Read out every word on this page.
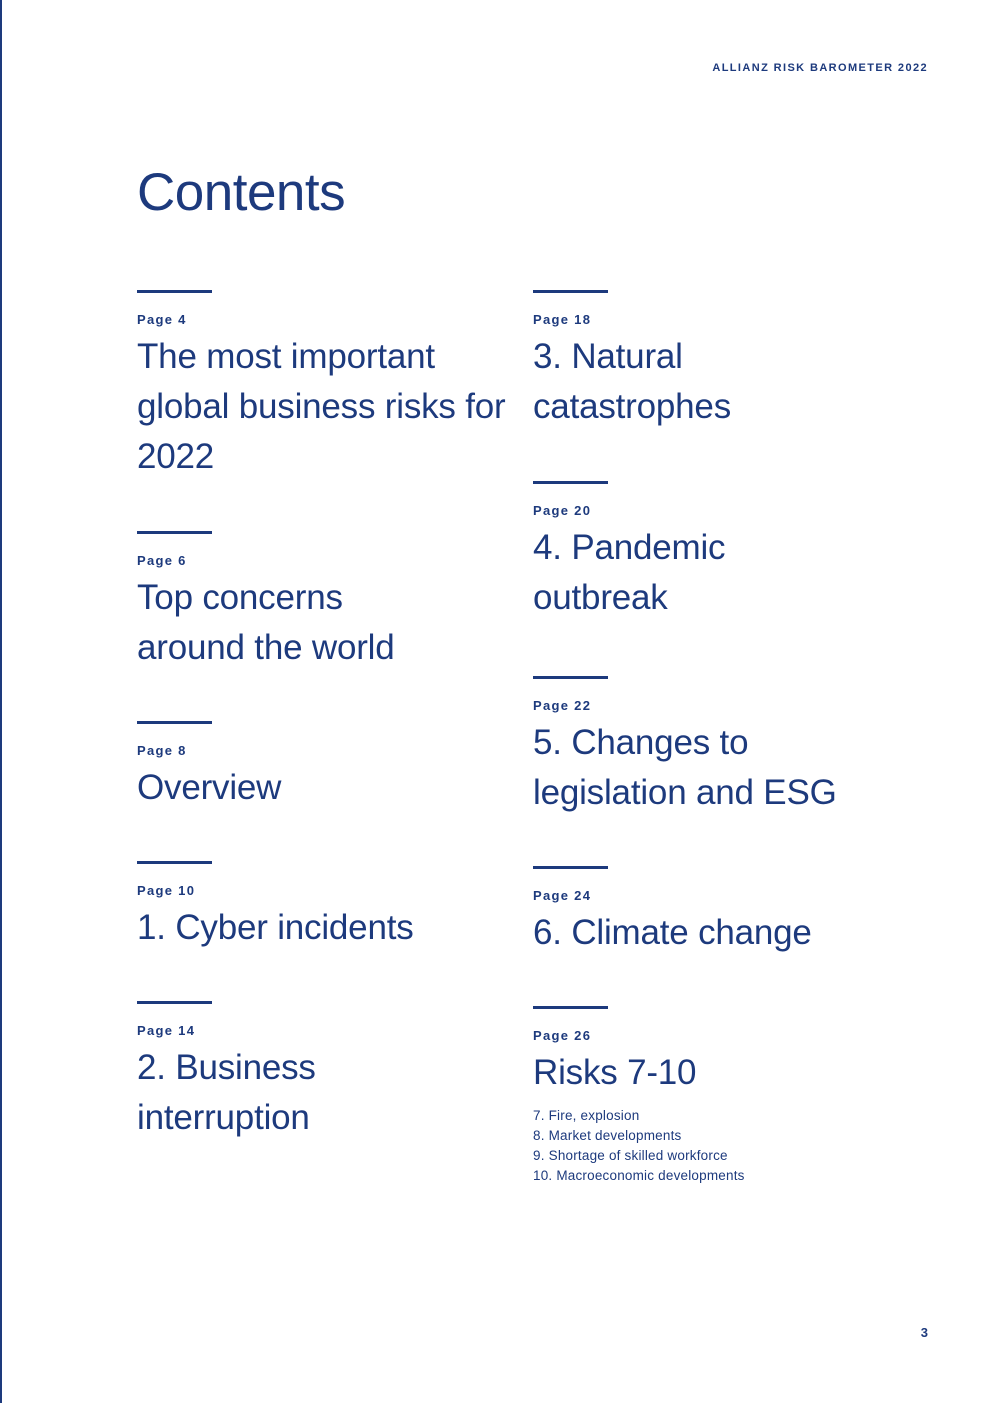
ALLIANZ RISK BAROMETER 2022
Contents
Page 4
The most important global business risks for 2022
Page 6
Top concerns around the world
Page 8
Overview
Page 10
1. Cyber incidents
Page 14
2. Business interruption
Page 18
3. Natural catastrophes
Page 20
4. Pandemic outbreak
Page 22
5. Changes to legislation and ESG
Page 24
6. Climate change
Page 26
Risks 7-10
7. Fire, explosion
8. Market developments
9. Shortage of skilled workforce
10. Macroeconomic developments
3
